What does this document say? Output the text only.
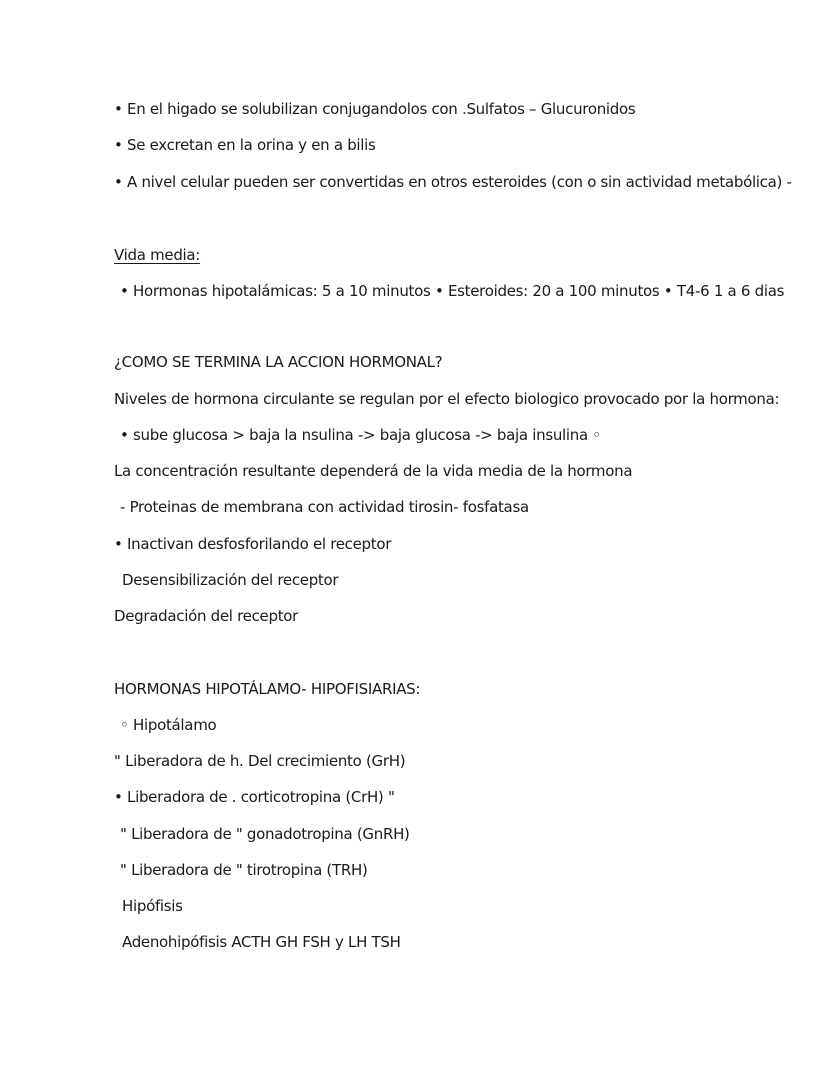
• En el higado se solubilizan conjugandolos con .Sulfatos – Glucuronidos
• Se excretan en la orina y en a bilis
• A nivel celular pueden ser convertidas en otros esteroides (con o sin actividad metabólica) -
Vida media:
• Hormonas hipotalámicas: 5 a 10 minutos • Esteroides: 20 a 100 minutos • T4-6 1 a 6 dias
¿COMO SE TERMINA LA ACCION HORMONAL?
Niveles de hormona circulante se regulan por el efecto biologico provocado por la hormona:
• sube glucosa > baja la nsulina -> baja glucosa -> baja insulina ◦
La concentración resultante dependerá de la vida media de la hormona
- Proteinas de membrana con actividad tirosin- fosfatasa
• Inactivan desfosforilando el receptor
Desensibilización del receptor
Degradación del receptor
HORMONAS HIPOTÁLAMO- HIPOFISIARIAS:
◦ Hipotálamo
" Liberadora de h. Del crecimiento (GrH)
• Liberadora de . corticotropina (CrH) "
" Liberadora de " gonadotropina (GnRH)
" Liberadora de " tirotropina (TRH)
Hipófisis
Adenohipófisis ACTH GH FSH y LH TSH
